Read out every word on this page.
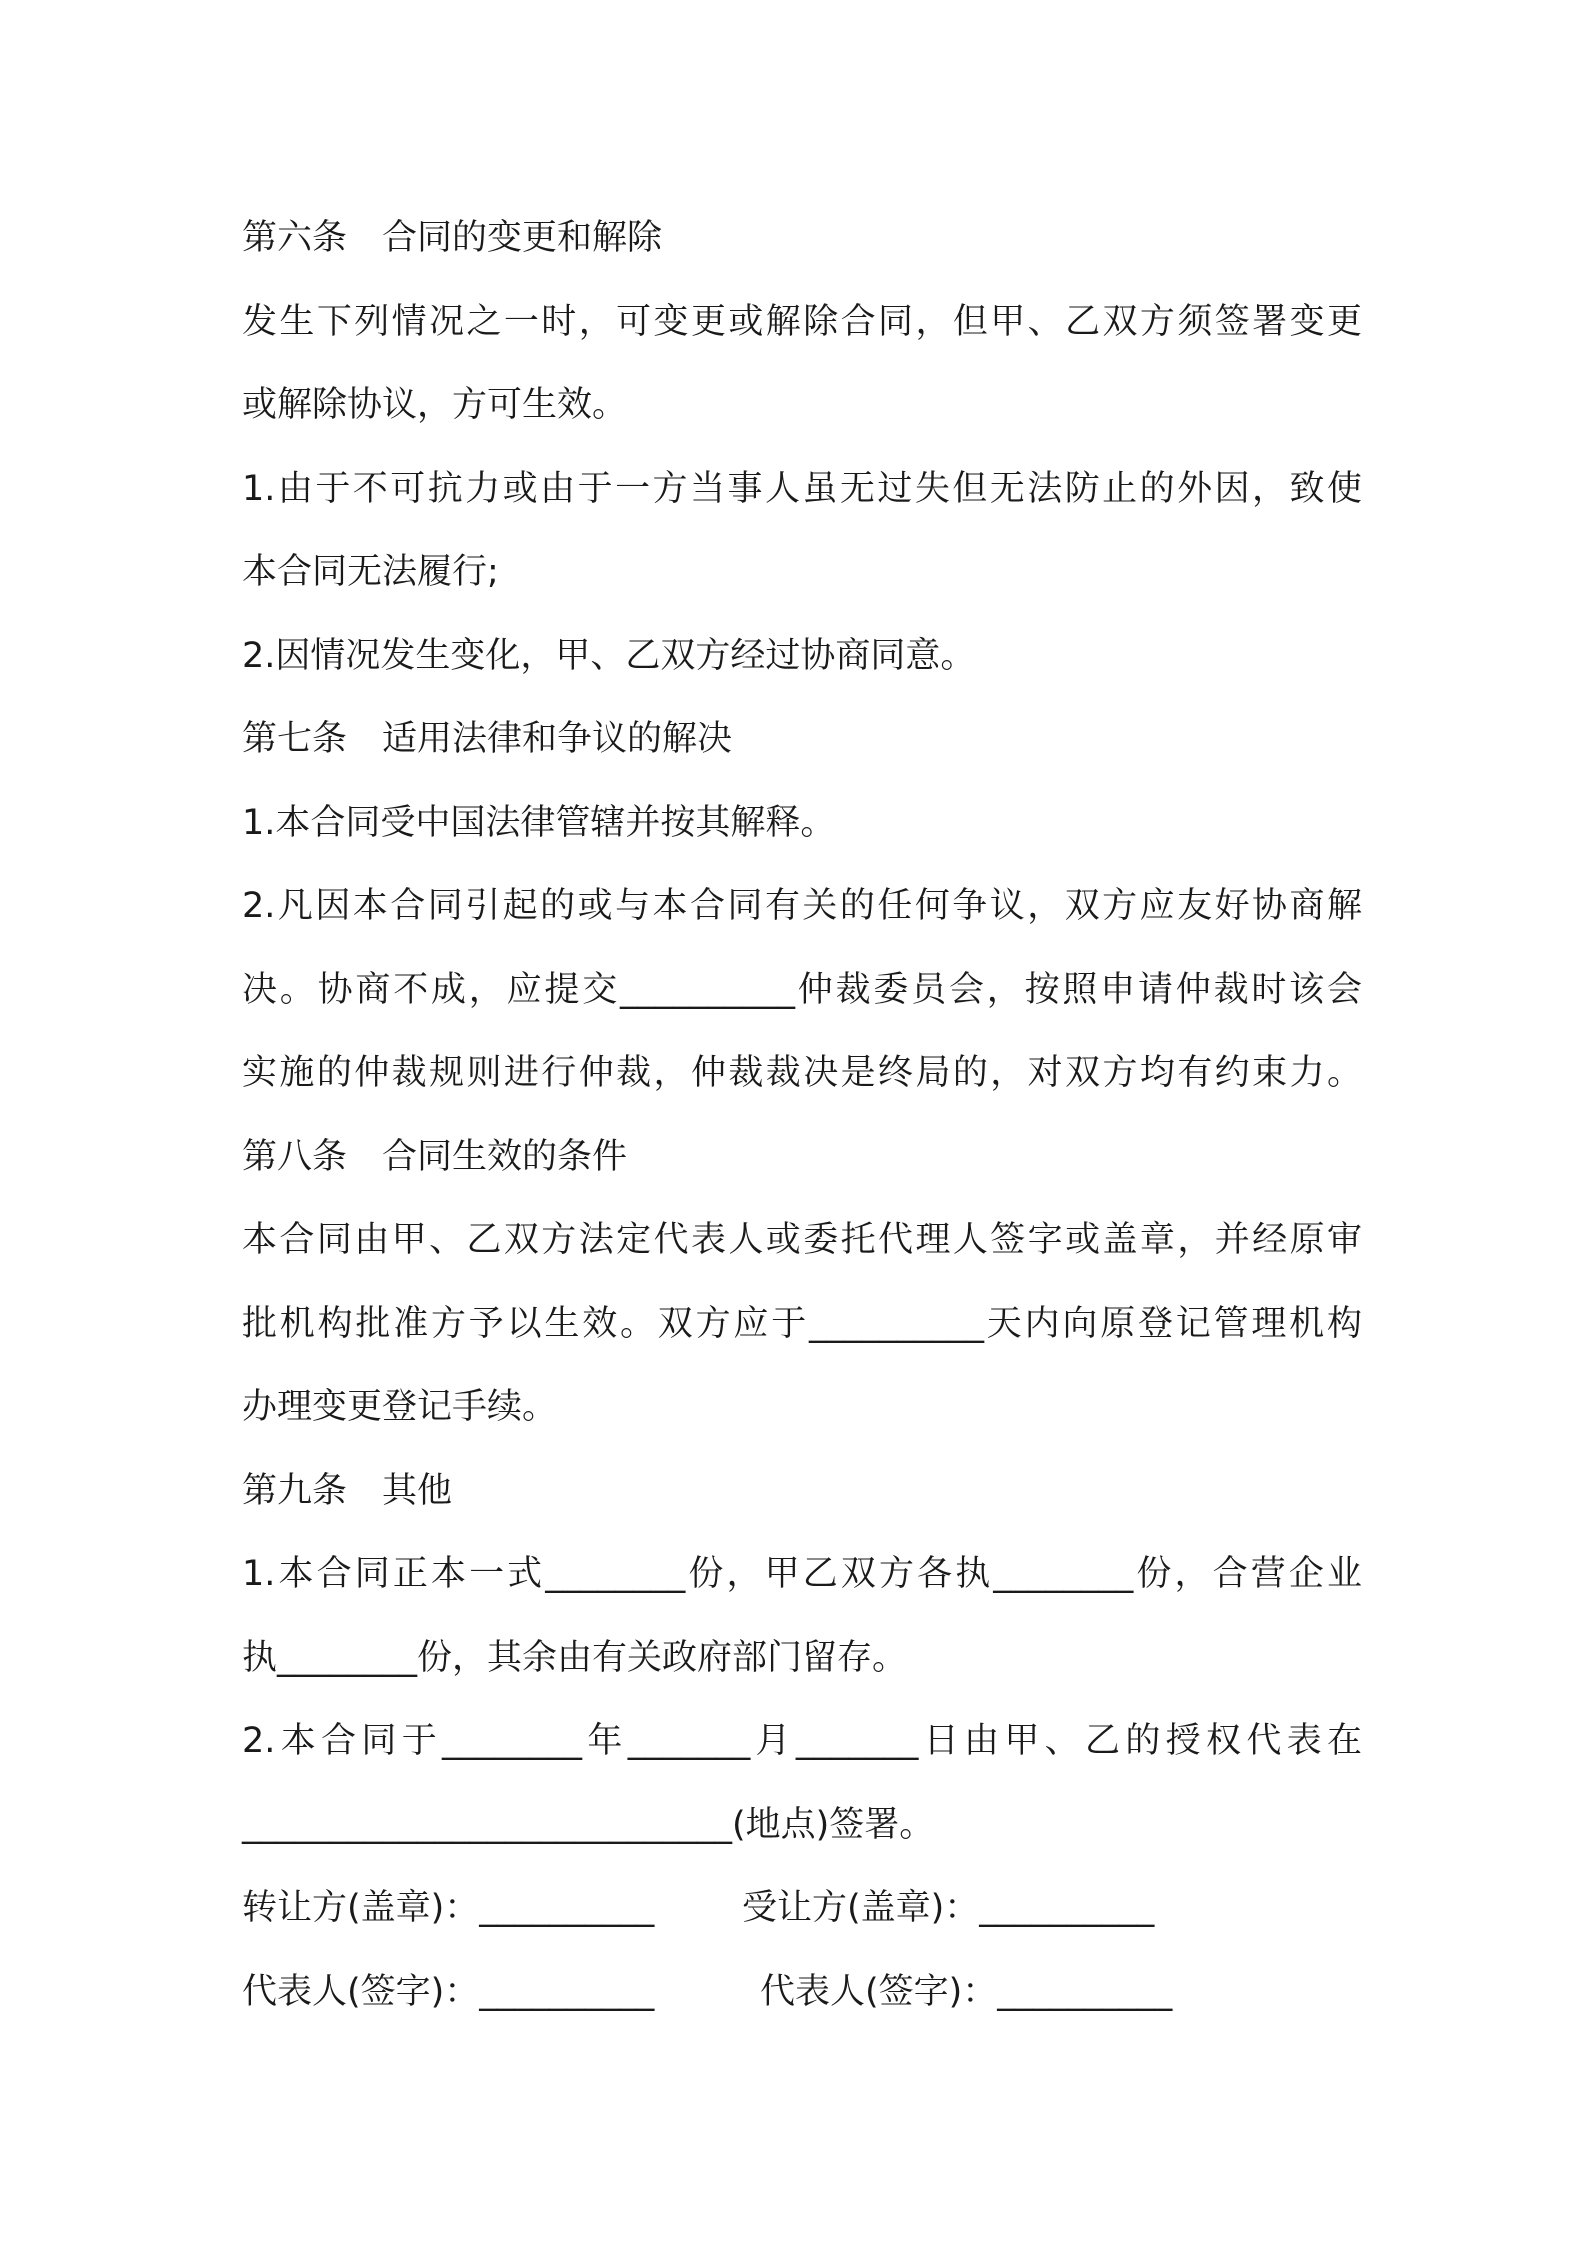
第六条　合同的变更和解除
发生下列情况之一时，可变更或解除合同，但甲、乙双方须签署变更
或解除协议，方可生效。
1.由于不可抗力或由于一方当事人虽无过失但无法防止的外因，致使
本合同无法履行;
2.因情况发生变化，甲、乙双方经过协商同意。
第七条　适用法律和争议的解决
1.本合同受中国法律管辖并按其解释。
2.凡因本合同引起的或与本合同有关的任何争议，双方应友好协商解
决。协商不成，应提交__________仲裁委员会，按照申请仲裁时该会
实施的仲裁规则进行仲裁，仲裁裁决是终局的，对双方均有约束力。
第八条　合同生效的条件
本合同由甲、乙双方法定代表人或委托代理人签字或盖章，并经原审
批机构批准方予以生效。双方应于__________天内向原登记管理机构
办理变更登记手续。
第九条　其他
1.本合同正本一式________份，甲乙双方各执________份，合营企业
执________份，其余由有关政府部门留存。
2.本合同于________年_______月_______日由甲、乙的授权代表在
____________________________(地点)签署。
转让方(盖章)：__________	受让方(盖章)：__________
代表人(签字)：__________	代表人(签字)：__________
